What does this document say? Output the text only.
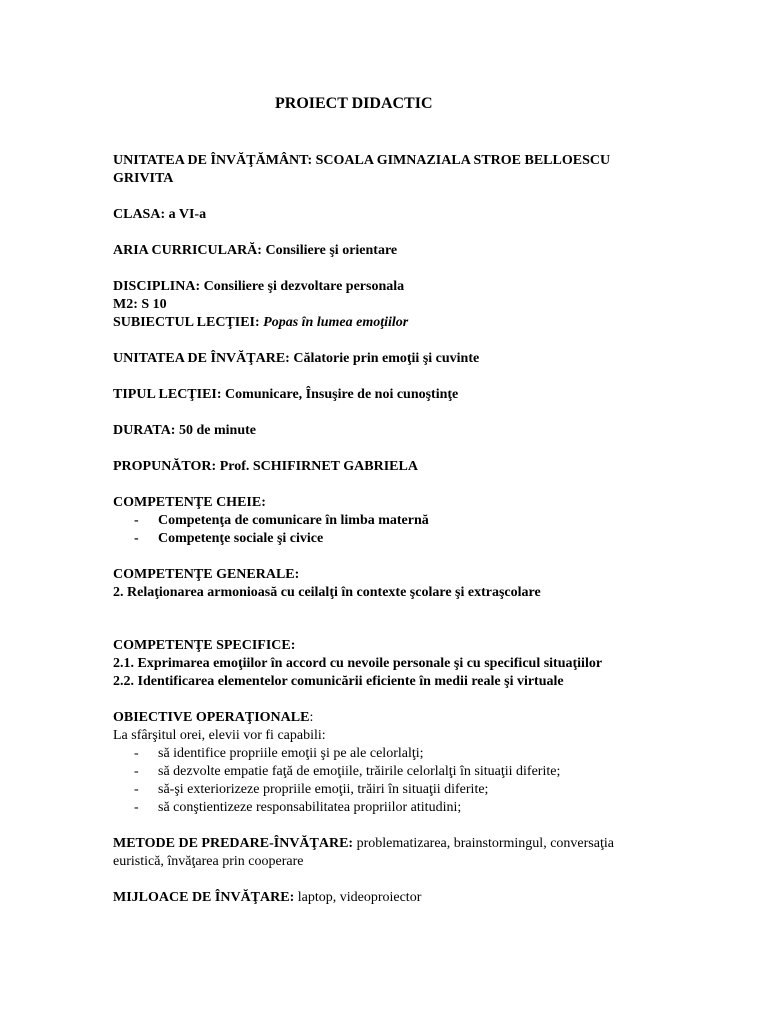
PROIECT DIDACTIC
UNITATEA DE ÎNVĂŢĂMÂNT: SCOALA GIMNAZIALA STROE BELLOESCU
GRIVITA
CLASA: a VI-a
ARIA CURRICULARĂ: Consiliere şi orientare
DISCIPLINA: Consiliere şi dezvoltare personala
M2: S 10
SUBIECTUL LECŢIEI: Popas în lumea emoţiilor
UNITATEA DE ÎNVĂŢARE: Călatorie prin emoţii şi cuvinte
TIPUL LECŢIEI: Comunicare, Însuşire de noi cunoştinţe
DURATA: 50 de minute
PROPUNĂTOR: Prof. SCHIFIRNET GABRIELA
COMPETENŢE CHEIE:
- Competenţa de comunicare în limba maternă
- Competenţe sociale şi civice
COMPETENŢE GENERALE:
2. Relaţionarea armonioasă cu ceilalţi în contexte şcolare şi extraşcolare
COMPETENŢE SPECIFICE:
2.1. Exprimarea emoţiilor în accord cu nevoile personale şi cu specificul situaţiilor
2.2. Identificarea elementelor comunicării eficiente în medii reale şi virtuale
OBIECTIVE OPERAŢIONALE:
La sfârşitul orei, elevii vor fi capabili:
- să identifice propriile emoţii şi pe ale celorlalţi;
- să dezvolte empatie faţă de emoţiile, trăirile celorlalţi în situaţii diferite;
- să-şi exteriorizeze propriile emoţii, trăiri în situaţii diferite;
- să conştientizeze responsabilitatea propriilor atitudini;
METODE DE PREDARE-ÎNVĂŢARE: problematizarea, brainstormingul, conversaţia
euristică, învăţarea prin cooperare
MIJLOACE DE ÎNVĂŢARE: laptop, videoproiector
